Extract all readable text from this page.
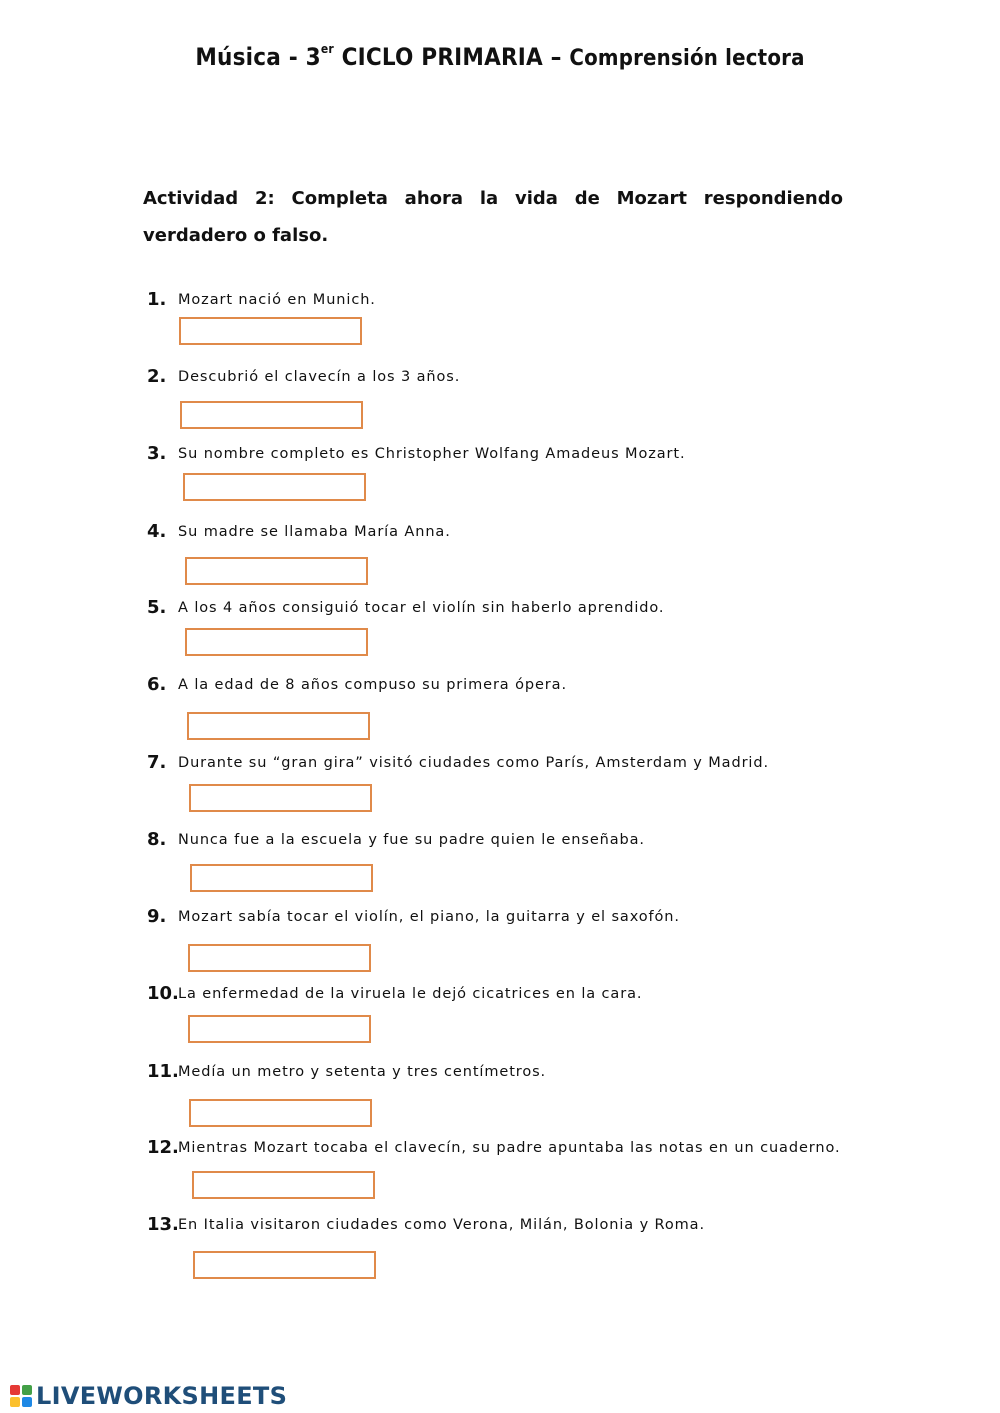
Música - 3er CICLO PRIMARIA – Comprensión lectora
Actividad 2: Completa ahora la vida de Mozart respondiendo verdadero o falso.
1. Mozart nació en Munich.
2. Descubrió el clavecín a los 3 años.
3. Su nombre completo es Christopher Wolfang Amadeus Mozart.
4. Su madre se llamaba María Anna.
5. A los 4 años consiguió tocar el violín sin haberlo aprendido.
6. A la edad de 8 años compuso su primera ópera.
7. Durante su “gran gira” visitó ciudades como París, Amsterdam y Madrid.
8. Nunca fue a la escuela y fue su padre quien le enseñaba.
9. Mozart sabía tocar el violín, el piano, la guitarra y el saxofón.
10. La enfermedad de la viruela le dejó cicatrices en la cara.
11. Medía un metro y setenta y tres centímetros.
12. Mientras Mozart tocaba el clavecín, su padre apuntaba las notas en un cuaderno.
13. En Italia visitaron ciudades como Verona, Milán, Bolonia y Roma.
LIVEWORKSHEETS
